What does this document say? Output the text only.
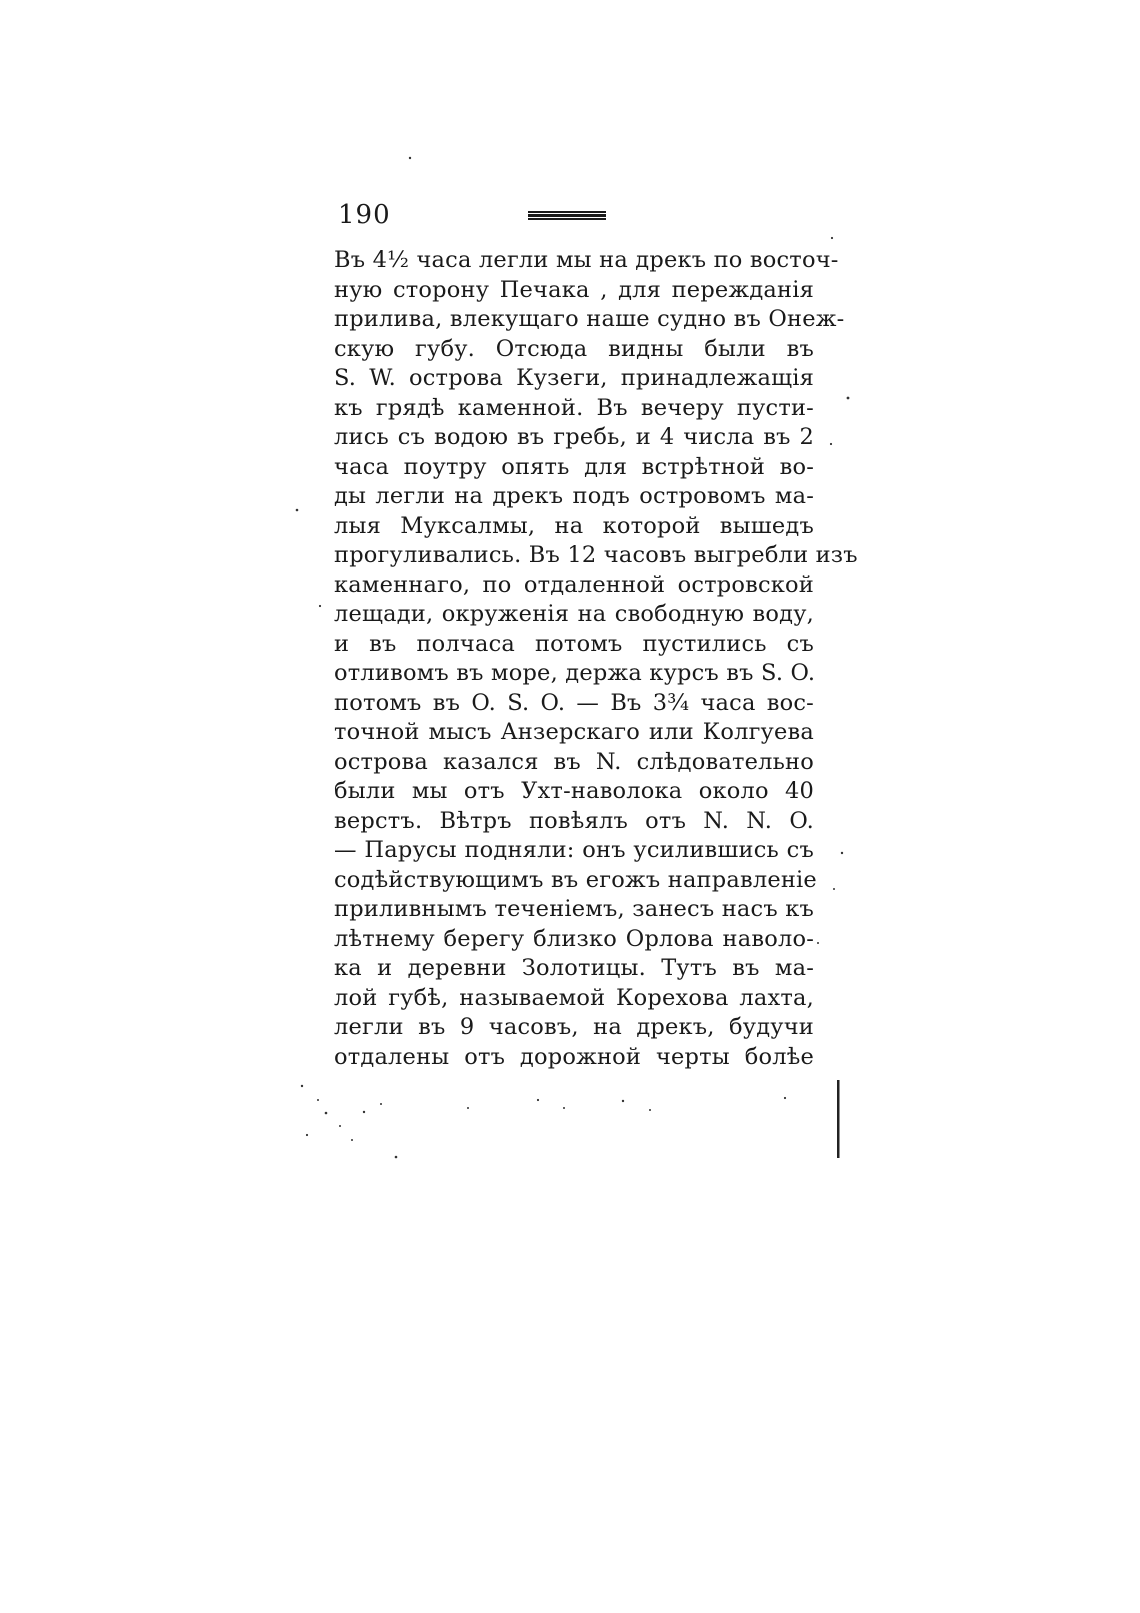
190
Въ 4½ часа легли мы на дрекъ по восточ-
ную сторону Печака , для пережданія
прилива, влекущаго наше судно въ Онеж-
скую губу. Отсюда видны были въ
S. W. острова Кузеги, принадлежащія
къ грядѣ каменной. Въ вечеру пусти-
лись съ водою въ гребь, и 4 числа въ 2
часа поутру опять для встрѣтной во-
ды легли на дрекъ подъ островомъ ма-
лыя Муксалмы, на которой вышедъ
прогуливались. Въ 12 часовъ выгребли изъ
каменнаго, по отдаленной островской
лещади, окруженія на свободную воду,
и въ полчаса потомъ пустились съ
отливомъ въ море, держа курсъ въ S. O.
потомъ въ O. S. O. — Въ 3¾ часа вос-
точной мысъ Анзерскаго или Колгуева
острова казался въ N. слѣдовательно
были мы отъ Ухт-наволока около 40
верстъ. Вѣтръ повѣялъ отъ N. N. O.
— Парусы подняли: онъ усилившись съ
содѣйствующимъ въ егожъ направленіе
приливнымъ теченіемъ, занесъ насъ къ
лѣтнему берегу близко Орлова наволо-
ка и деревни Золотицы. Тутъ въ ма-
лой губѣ, называемой Корехова лахта,
легли въ 9 часовъ, на дрекъ, будучи
отдалены отъ дорожной черты болѣе
